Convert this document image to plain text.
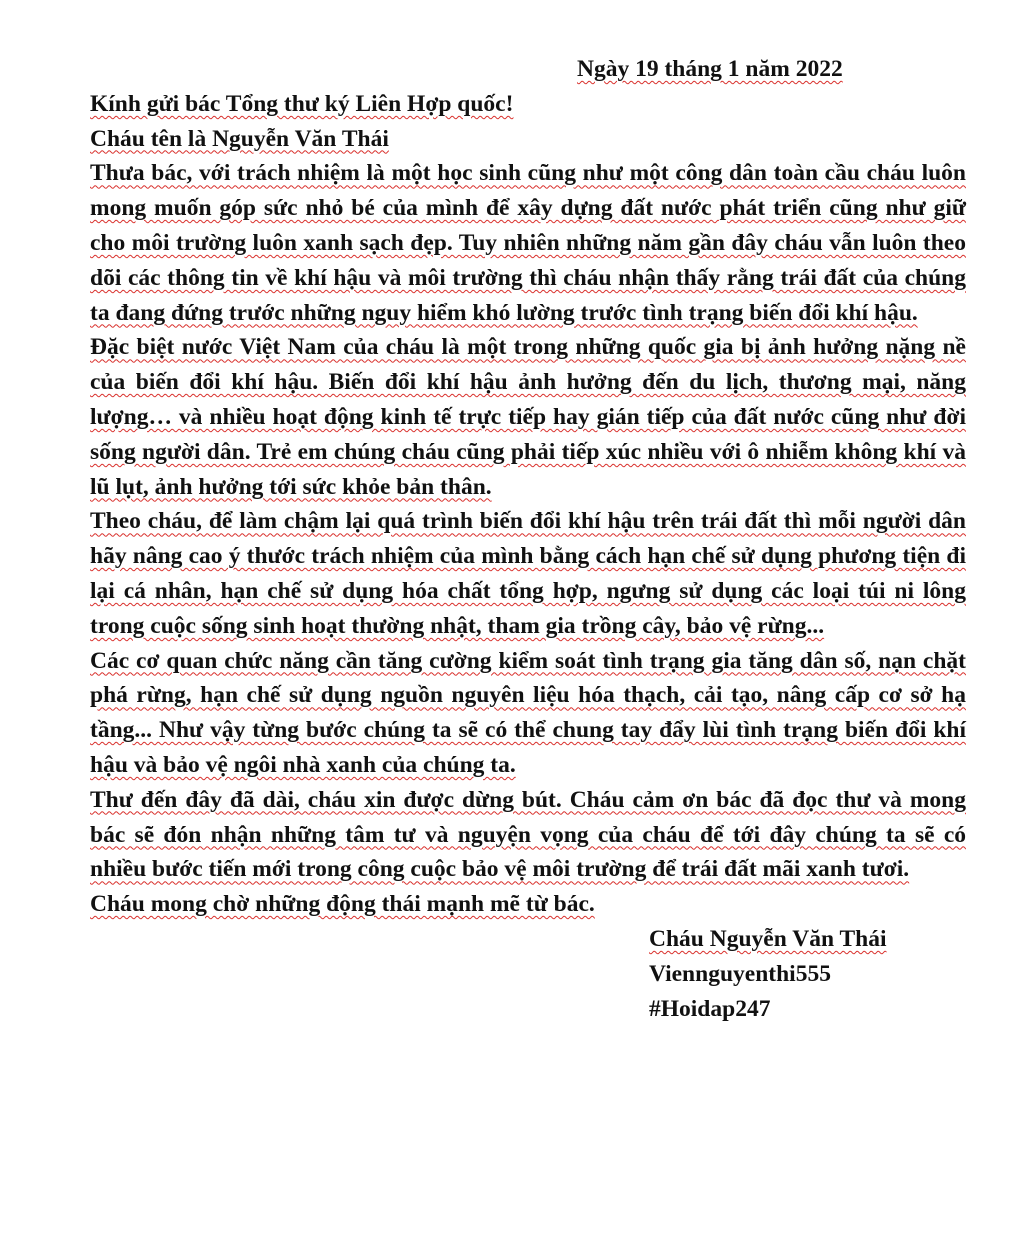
Ngày 19 tháng 1 năm 2022
Kính gửi bác Tổng thư ký Liên Hợp quốc!
Cháu tên là Nguyễn Văn Thái

Thưa bác, với trách nhiệm là một học sinh cũng như một công dân toàn cầu cháu luôn mong muốn góp sức nhỏ bé của mình để xây dựng đất nước phát triển cũng như giữ cho môi trường luôn xanh sạch đẹp. Tuy nhiên những năm gần đây cháu vẫn luôn theo dõi các thông tin về khí hậu và môi trường thì cháu nhận thấy rằng trái đất của chúng ta đang đứng trước những nguy hiểm khó lường trước tình trạng biến đổi khí hậu.

Đặc biệt nước Việt Nam của cháu là một trong những quốc gia bị ảnh hưởng nặng nề của biến đổi khí hậu. Biến đổi khí hậu ảnh hưởng đến du lịch, thương mại, năng lượng… và nhiều hoạt động kinh tế trực tiếp hay gián tiếp của đất nước cũng như đời sống người dân. Trẻ em chúng cháu cũng phải tiếp xúc nhiều với ô nhiễm không khí và lũ lụt, ảnh hưởng tới sức khỏe bản thân.

Theo cháu, để làm chậm lại quá trình biến đổi khí hậu trên trái đất thì mỗi người dân hãy nâng cao ý thước trách nhiệm của mình bằng cách hạn chế sử dụng phương tiện đi lại cá nhân, hạn chế sử dụng hóa chất tổng hợp, ngưng sử dụng các loại túi ni lông trong cuộc sống sinh hoạt thường nhật, tham gia trồng cây, bảo vệ rừng...

Các cơ quan chức năng cần tăng cường kiểm soát tình trạng gia tăng dân số, nạn chặt phá rừng, hạn chế sử dụng nguồn nguyên liệu hóa thạch, cải tạo, nâng cấp cơ sở hạ tầng... Như vậy từng bước chúng ta sẽ có thể chung tay đẩy lùi tình trạng biến đổi khí hậu và bảo vệ ngôi nhà xanh của chúng ta.

Thư đến đây đã dài, cháu xin được dừng bút. Cháu cảm ơn bác đã đọc thư và mong bác sẽ đón nhận những tâm tư và nguyện vọng của cháu để tới đây chúng ta sẽ có nhiều bước tiến mới trong công cuộc bảo vệ môi trường để trái đất mãi xanh tươi.

Cháu mong chờ những động thái mạnh mẽ từ bác.

Cháu Nguyễn Văn Thái
Viennguyenthi555
#Hoidap247
